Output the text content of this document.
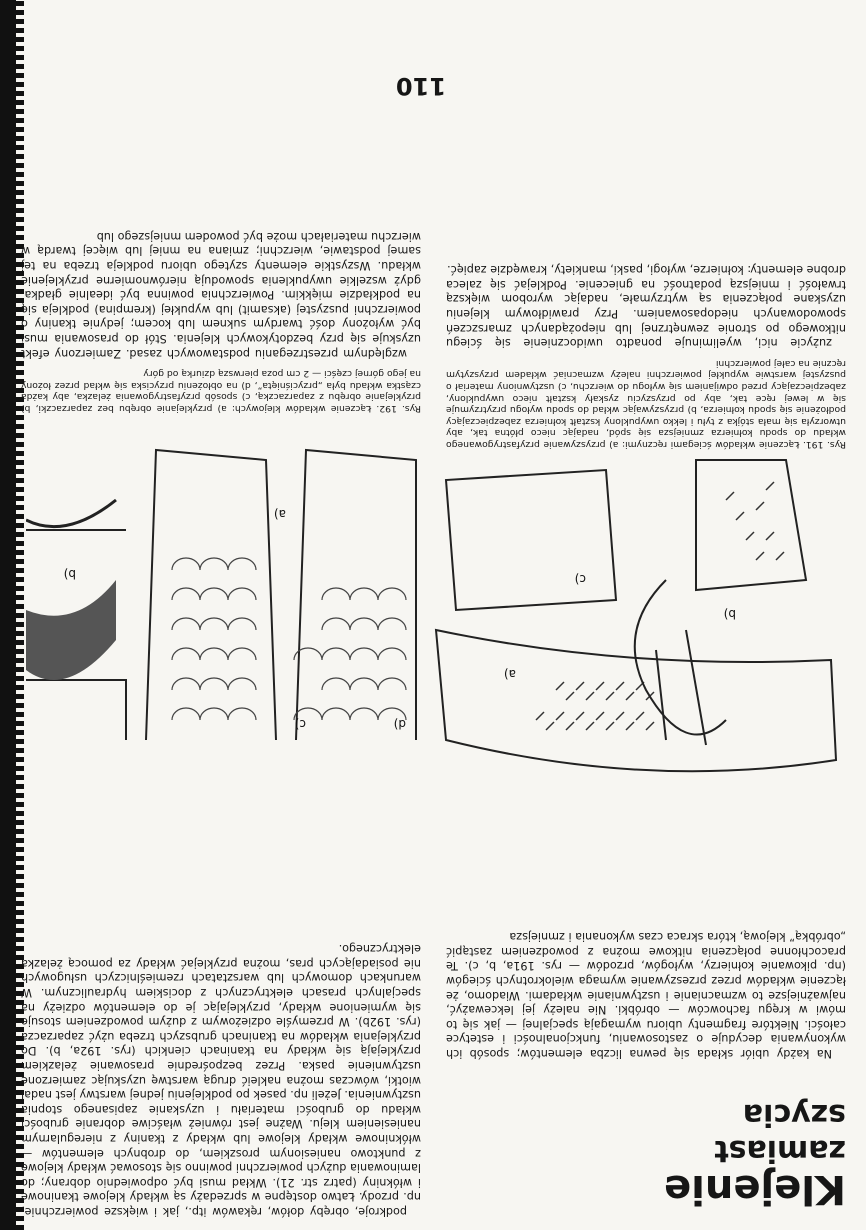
Klejenie
zamiast szycia

Na każdy ubiór składa się pewna liczba elementów; sposób ich wykonywania decyduje o zastosowaniu, funkcjonalności i estetyce całości. Niektóre fragmenty ubioru wymagają specjalnej — jak się to mówi w kręgu fachowców — obróbki. Nie należy jej lekceważyć, najważniejsze to wzmacnianie i usztywnianie wkładami. Wiadomo, że łączenie wkładów przez przeszywanie wymaga wielokrotnych ściegów (np. pikowanie kołnierzy, wyłogów, przodów — rys. 191a, b, c). Te pracochłonne połączenia nitkowe można z powodzeniem zastąpić „obróbką” klejową, która skraca czas wykonania i zmniejsza

Rys. 191. Łączenie wkładów ściegami ręcznymi: a) przyszywanie przyfastrygowanego wkładu do spodu kołnierza zmniejsza się spód, nadając nieco płótna tak, aby utworzyła się mała stójka z tyłu i lekko uwypuklony kształt kołnierza zabezpieczający podłożenie się spodu kołnierza, b) przyszywając wkład do spodu wyłogu przytrzymuje się w lewej ręce tak, aby po przyszyciu zyskały kształt nieco uwypuklony, zabezpieczający przed odwijaniem się wyłogu do wierzchu, c) usztywniony materiał o puszystej warstwie wypukłej powierzchni należy wzmacniać wkładem przyszytym ręcznie na całej powierzchni

zużycie nici, wyeliminuje ponadto uwidocznienie się ściegu nitkowego po stronie zewnętrznej lub niepożądanych zmarszczeń spowodowanych niedopasowaniem. Przy prawidłowym klejeniu uzyskane połączenia są wytrzymałe, nadając wyrobom większą trwałość i mniejszą podatność na gniecenie. Podklejać się zaleca drobne elementy: kołnierze, wyłogi, paski, mankiety, krawędzie zapięć.

podkroje, obręby dołów, rękawów itp., jak i większe powierzchnie, np. przody. Łatwo dostępne w sprzedaży są wkłady klejowe tkaninowe i włókniny (patrz str. 21). Wkład musi być odpowiednio dobrany; do laminowania dużych powierzchni powinno się stosować wkłady klejowe z punktowo naniesionym proszkiem, do drobnych elementów — włókninowe wkłady klejowe lub wkłady z tkaniny z nieregularnym naniesieniem kleju. Ważne jest również właściwe dobranie grubości wkładu do grubości materiału i uzyskanie zapisanego stopnia usztywnienia. Jeżeli np. pasek po podklejeniu jednej warstwy jest nadal wiotki, wówczas można nakleić drugą warstwę uzyskując zamierzone usztywnienie paska. Przez bezpośrednie prasowanie żelazkiem przyklejają się wkłady na tkaninach cienkich (rys. 192a, b). Do przyklejania wkładów na tkaninach grubszych trzeba użyć zaparzacza (rys. 192b). W przemyśle odzieżowym z dużym powodzeniem stosuje się wymienione wkłady, przyklejając je do elementów odzieży na specjalnych prasach elektrycznych z dociskiem hydraulicznym. W warunkach domowych lub warsztatach rzemieślniczych usługowych nie posiadających pras, można przyklejać wkłady za pomocą żelazka elektrycznego.

Rys. 192. Łączenie wkładów klejowych: a) przyklejanie obrębu bez zaparzaczki, b) przyklejanie obrębu z zaparzaczką, c) sposób przyfastrygowania żelazka, aby każda cząstka wkładu była „przyciśnięta”, d) na obłożeniu przyciska się wkład przez łożony na jego górnej części — 2 cm poza pierwszą dziurką od góry

względnym przestrzeganiu podstawowych zasad. Zamierzony efekt uzyskuje się przy bezdotykowych klejenia. Stół do prasowania musi być wyłożony dość twardym suknem lub kocem; jedynie tkaniny o powierzchni puszystej (aksamit) lub wypukłej (krempina) podkleja się na podkładzie miękkim. Powierzchnia powinna być idealnie gładka, gdyż wszelkie uwypuklenia spowodują nierównomierne przyklejenie wkładu. Wszystkie elementy szytego ubioru podkleja trzeba na tej samej podstawie, wierzchni; zmiana na mniej lub więcej twardą w wierzchu materiałach może być powodem mniejszego lub

110
a)
b)
c)
a)
b)
c)	d)
